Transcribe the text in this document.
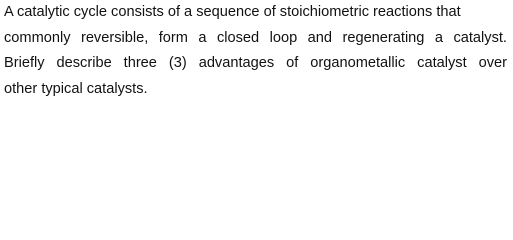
A catalytic cycle consists of a sequence of stoichiometric reactions that
commonly reversible, form a closed loop and regenerating a catalyst.
Briefly describe three (3) advantages of organometallic catalyst over
other typical catalysts.
